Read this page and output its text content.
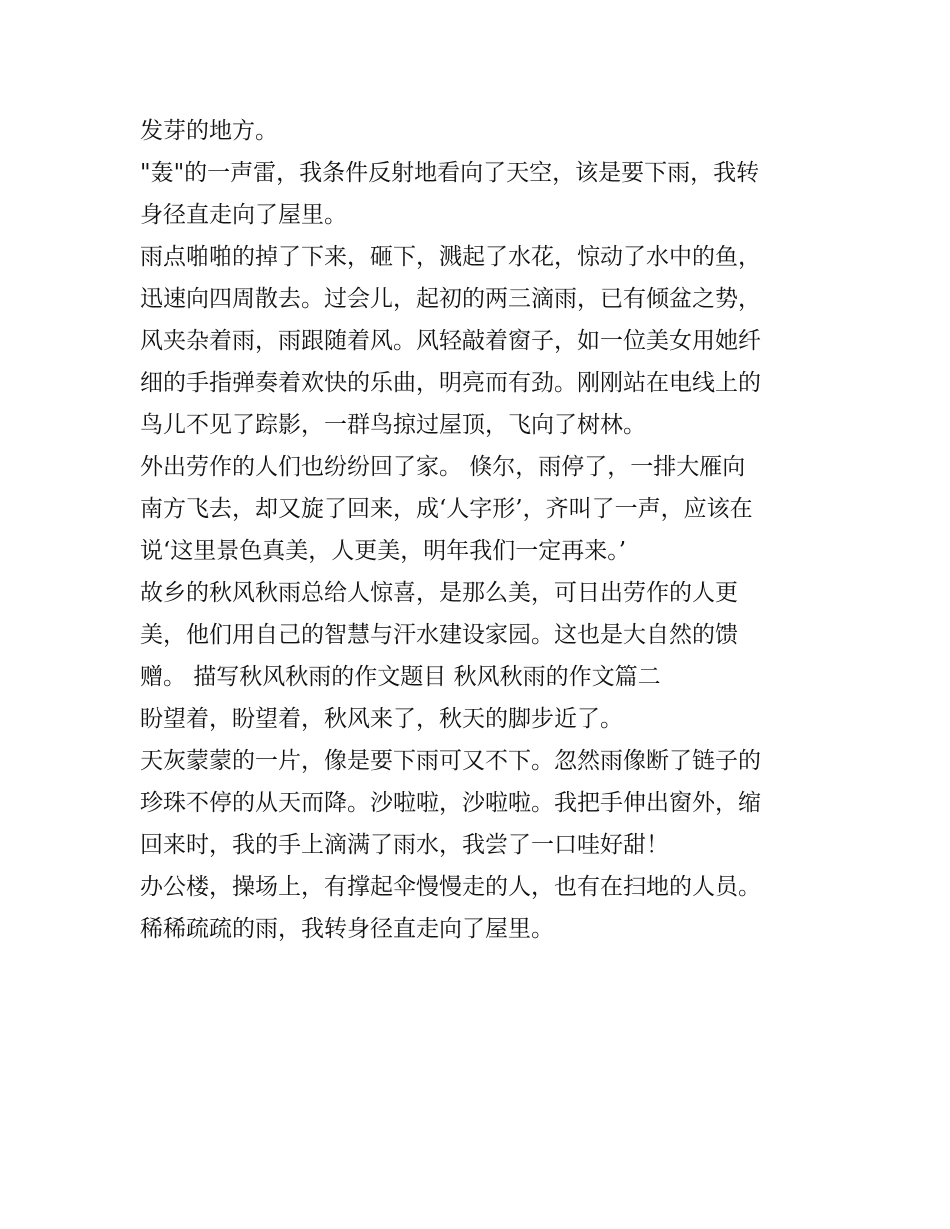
发芽的地方。

"轰"的一声雷，我条件反射地看向了天空，该是要下雨，我转

身径直走向了屋里。

雨点啪啪的掉了下来，砸下，溅起了水花，惊动了水中的鱼，

迅速向四周散去。过会儿，起初的两三滴雨，已有倾盆之势，

风夹杂着雨，雨跟随着风。风轻敲着窗子，如一位美女用她纤

细的手指弹奏着欢快的乐曲，明亮而有劲。刚刚站在电线上的

鸟儿不见了踪影，一群鸟掠过屋顶，飞向了树林。

外出劳作的人们也纷纷回了家。 倏尔，雨停了，一排大雁向

南方飞去，却又旋了回来，成‘人字形’，齐叫了一声，应该在

说‘这里景色真美，人更美，明年我们一定再来。’

故乡的秋风秋雨总给人惊喜，是那么美，可日出劳作的人更

美，他们用自己的智慧与汗水建设家园。这也是大自然的馈

赠。 描写秋风秋雨的作文题目 秋风秋雨的作文篇二

盼望着，盼望着，秋风来了，秋天的脚步近了。

天灰蒙蒙的一片，像是要下雨可又不下。忽然雨像断了链子的

珍珠不停的从天而降。沙啦啦，沙啦啦。我把手伸出窗外，缩

回来时，我的手上滴满了雨水，我尝了一口哇好甜！

办公楼，操场上，有撑起伞慢慢走的人，也有在扫地的人员。

稀稀疏疏的雨，我转身径直走向了屋里。
